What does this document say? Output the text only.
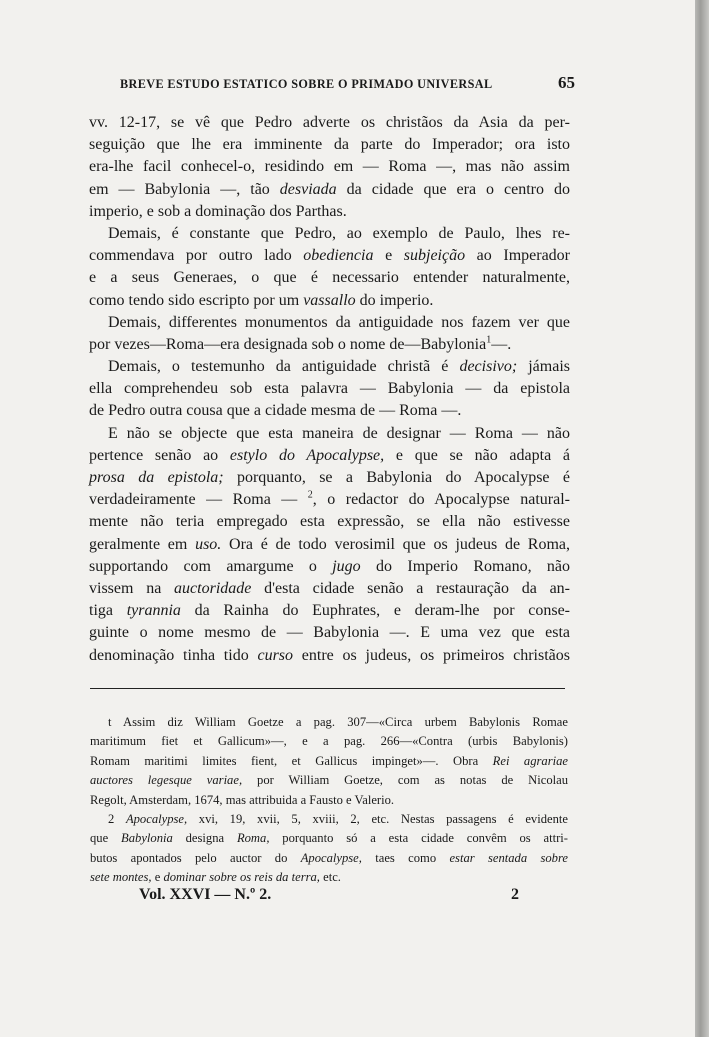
BREVE ESTUDO ESTATICO SOBRE O PRIMADO UNIVERSAL	65
vv. 12-17, se vê que Pedro adverte os christãos da Asia da per-
seguição que lhe era imminente da parte do Imperador; ora isto
era-lhe facil conhecel-o, residindo em — Roma —, mas não assim
em — Babylonia —, tão desviada da cidade que era o centro do
imperio, e sob a dominação dos Parthas.
Demais, é constante que Pedro, ao exemplo de Paulo, lhes re-
commendava por outro lado obediencia e subjeição ao Imperador
e a seus Generaes, o que é necessario entender naturalmente,
como tendo sido escripto por um vassallo do imperio.
Demais, differentes monumentos da antiguidade nos fazem ver que
por vezes—Roma—era designada sob o nome de—Babylonia$^1$—.
Demais, o testemunho da antiguidade christã é decisivo; jámais
ella comprehendeu sob esta palavra — Babylonia — da epistola
de Pedro outra cousa que a cidade mesma de — Roma —.
E não se objecte que esta maneira de designar — Roma — não
pertence senão ao estylo do Apocalypse, e que se não adapta á
prosa da epistola; porquanto, se a Babylonia do Apocalypse é
verdadeiramente — Roma — $^2$, o redactor do Apocalypse natural-
mente não teria empregado esta expressão, se ella não estivesse
geralmente em uso. Ora é de todo verosimil que os judeus de Roma,
supportando com amargume o jugo do Imperio Romano, não
vissem na auctoridade d'esta cidade senão a restauração da an-
tiga tyrannia da Rainha do Euphrates, e deram-lhe por conse-
guinte o nome mesmo de — Babylonia —. E uma vez que esta
denominação tinha tido curso entre os judeus, os primeiros christãos
t Assim diz William Goetze a pag. 307—«Circa urbem Babylonis Romae
maritimum fiet et Gallicum»—, e a pag. 266—«Contra (urbis Babylonis)
Romam maritimi limites fient, et Gallicus impinget»—. Obra Rei agrariae
auctores legesque variae, por William Goetze, com as notas de Nicolau
Regolt, Amsterdam, 1674, mas attribuida a Fausto e Valerio.
2 Apocalypse, xvi, 19, xvii, 5, xviii, 2, etc. Nestas passagens é evidente
que Babylonia designa Roma, porquanto só a esta cidade convêm os attri-
butos apontados pelo auctor do Apocalypse, taes como estar sentada sobre
sete montes, e dominar sobre os reis da terra, etc.
Vol. XXVI — N.º 2.	2
